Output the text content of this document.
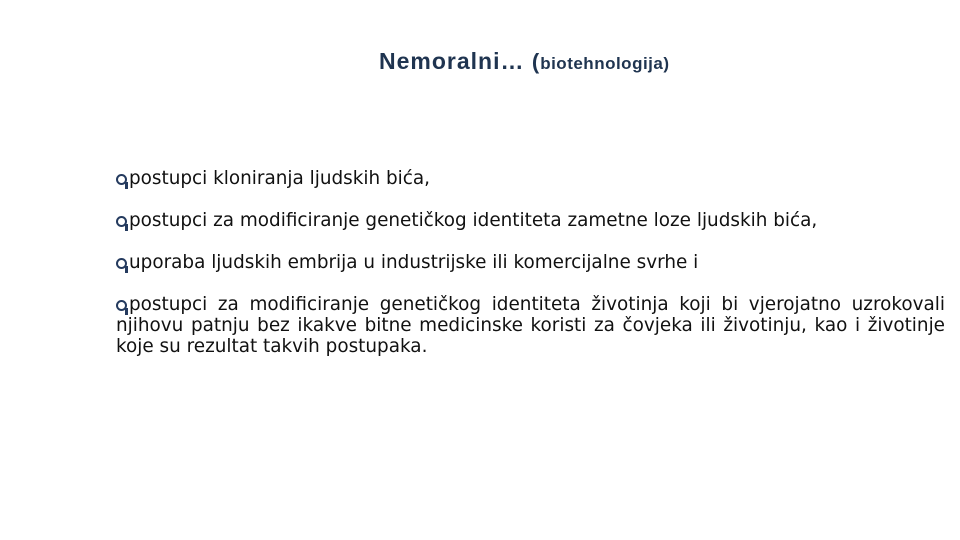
Nemoralni… (biotehnologija)
postupci kloniranja ljudskih bića,
postupci za modificiranje genetičkog identiteta zametne loze ljudskih bića,
uporaba ljudskih embrija u industrijske ili komercijalne svrhe i
postupci za modificiranje genetičkog identiteta životinja koji bi vjerojatno uzrokovali njihovu patnju bez ikakve bitne medicinske koristi za čovjeka ili životinju, kao i životinje koje su rezultat takvih postupaka.
